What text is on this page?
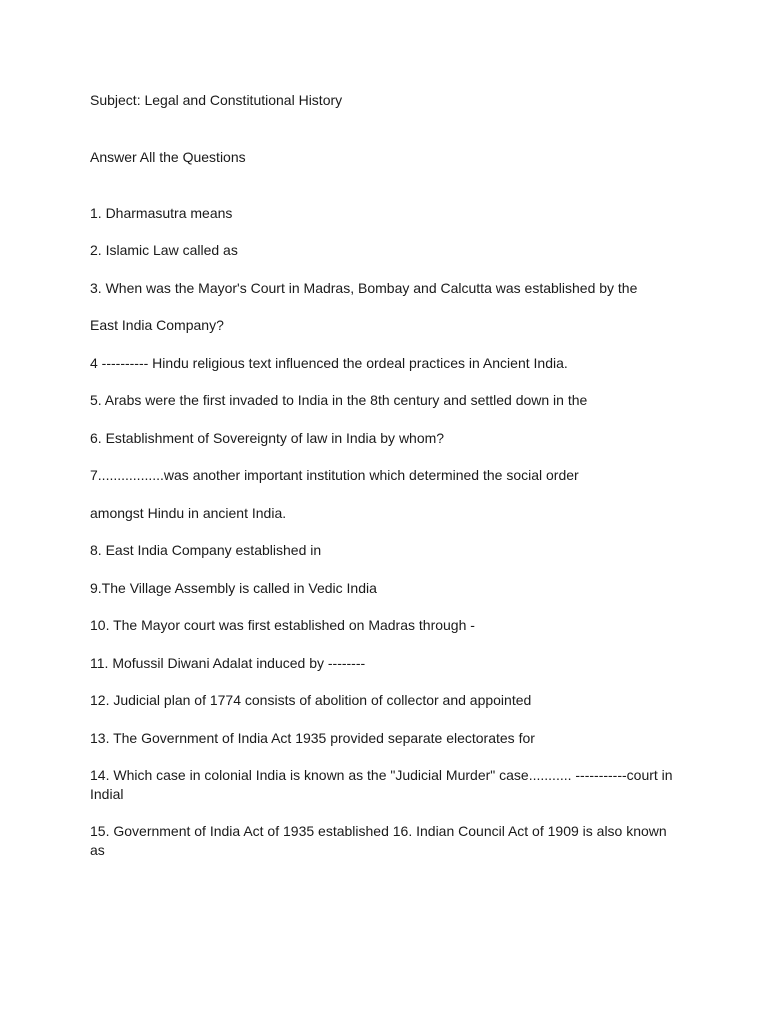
Subject: Legal and Constitutional History
Answer All the Questions
1. Dharmasutra means
2. Islamic Law called as
3. When was the Mayor's Court in Madras, Bombay and Calcutta was established by the
East India Company?
4 ---------- Hindu religious text influenced the ordeal practices in Ancient India.
5. Arabs were the first invaded to India in the 8th century and settled down in the
6. Establishment of Sovereignty of law in India by whom?
7.................was another important institution which determined the social order
amongst Hindu in ancient India.
8. East India Company established in
9.The Village Assembly is called in Vedic India
10. The Mayor court was first established on Madras through -
11. Mofussil Diwani Adalat induced by --------
12. Judicial plan of 1774 consists of abolition of collector and appointed
13. The Government of India Act 1935 provided separate electorates for
14. Which case in colonial India is known as the "Judicial Murder" case........... -----------court in Indial
15. Government of India Act of 1935 established 16. Indian Council Act of 1909 is also known as
